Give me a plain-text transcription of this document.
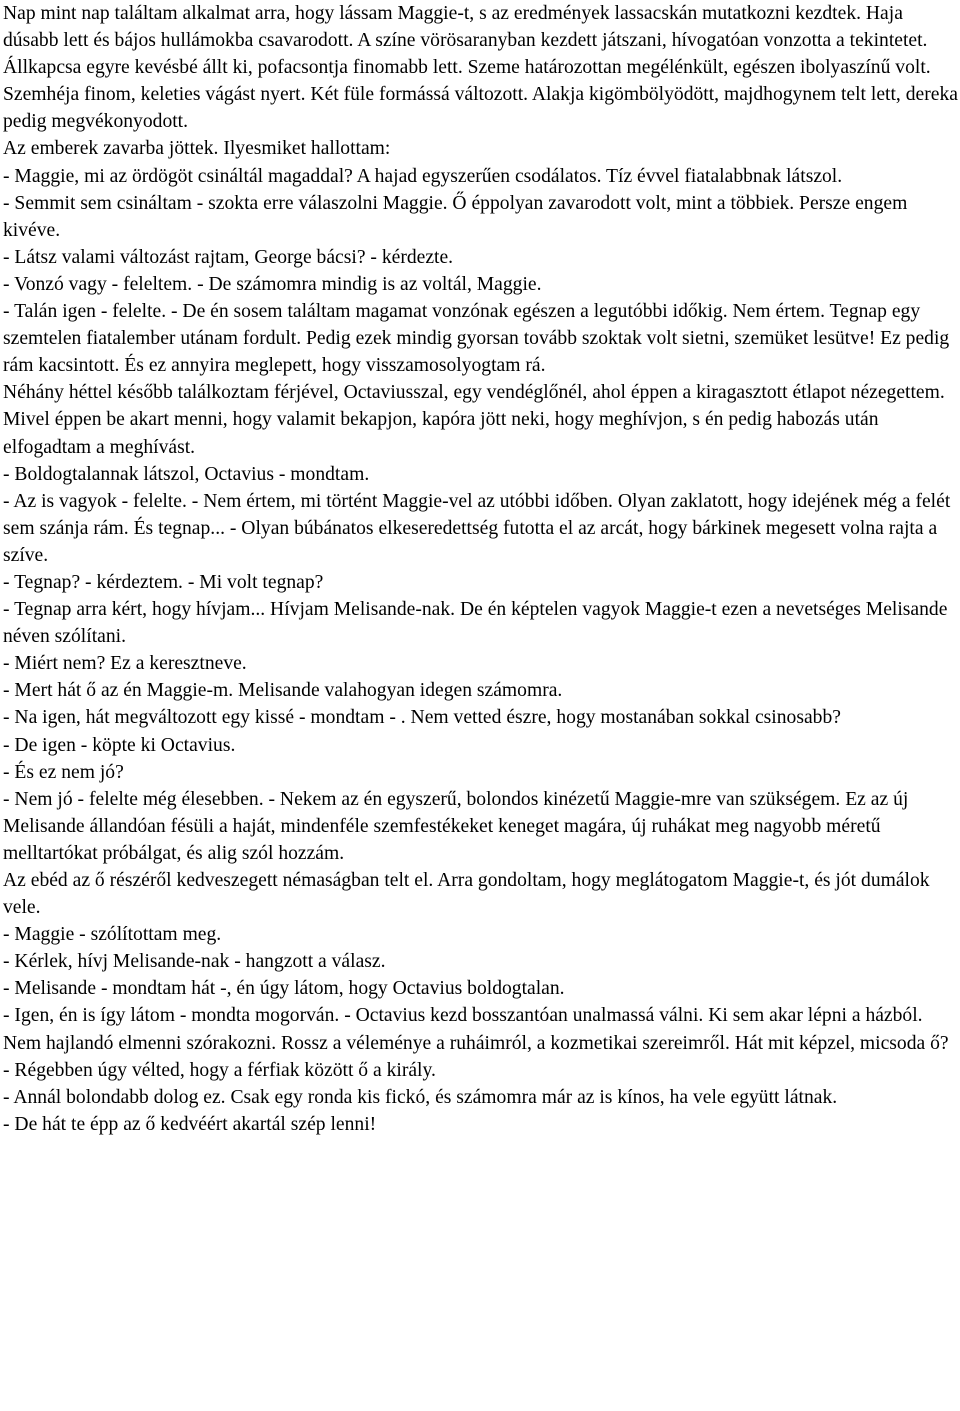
Nap mint nap találtam alkalmat arra, hogy lássam Maggie-t, s az eredmények lassacskán mutatkozni kezdtek. Haja dúsabb lett és bájos hullámokba csavarodott. A színe vörösaranyban kezdett játszani, hívogatóan vonzotta a tekintetet.

Állkapcsa egyre kevésbé állt ki, pofacsontja finomabb lett. Szeme határozottan megélénkült, egészen ibolyaszínű volt. Szemhéja finom, keleties vágást nyert. Két füle formássá változott. Alakja kigömbölyödött, majdhogynem telt lett, dereka pedig megvékonyodott.

Az emberek zavarba jöttek. Ilyesmiket hallottam:

- Maggie, mi az ördögöt csináltál magaddal? A hajad egyszerűen csodálatos. Tíz évvel fiatalabbnak látszol.

- Semmit sem csináltam - szokta erre válaszolni Maggie. Ő éppolyan zavarodott volt, mint a többiek. Persze engem kivéve.

- Látsz valami változást rajtam, George bácsi? - kérdezte.

- Vonzó vagy - feleltem. - De számomra mindig is az voltál, Maggie.

- Talán igen - felelte. - De én sosem találtam magamat vonzónak egészen a legutóbbi időkig. Nem értem. Tegnap egy szemtelen fiatalember utánam fordult. Pedig ezek mindig gyorsan tovább szoktak volt sietni, szemüket lesütve! Ez pedig rám kacsintott. És ez annyira meglepett, hogy visszamosolyogtam rá.

Néhány héttel később találkoztam férjével, Octaviusszal, egy vendéglőnél, ahol éppen a kiragasztott étlapot nézegettem. Mivel éppen be akart menni, hogy valamit bekapjon, kapóra jött neki, hogy meghívjon, s én pedig habozás után elfogadtam a meghívást.

- Boldogtalannak látszol, Octavius - mondtam.

- Az is vagyok - felelte. - Nem értem, mi történt Maggie-vel az utóbbi időben. Olyan zaklatott, hogy idejének még a felét sem szánja rám. És tegnap... - Olyan búbánatos elkeseredettség futotta el az arcát, hogy bárkinek megesett volna rajta a szíve.

- Tegnap? - kérdeztem. - Mi volt tegnap?

- Tegnap arra kért, hogy hívjam... Hívjam Melisande-nak. De én képtelen vagyok Maggie-t ezen a nevetséges Melisande néven szólítani.

- Miért nem? Ez a keresztneve.

- Mert hát ő az én Maggie-m. Melisande valahogyan idegen számomra.

- Na igen, hát megváltozott egy kissé - mondtam - . Nem vetted észre, hogy mostanában sokkal csinosabb?

- De igen - köpte ki Octavius.

- És ez nem jó?

- Nem jó - felelte még élesebben. - Nekem az én egyszerű, bolondos kinézetű Maggie-mre van szükségem. Ez az új Melisande állandóan fésüli a haját, mindenféle szemfestékeket keneget magára, új ruhákat meg nagyobb méretű melltartókat próbálgat, és alig szól hozzám.

Az ebéd az ő részéről kedveszegett némaságban telt el. Arra gondoltam, hogy meglátogatom Maggie-t, és jót dumálok vele.

- Maggie - szólítottam meg.

- Kérlek, hívj Melisande-nak - hangzott a válasz.

- Melisande - mondtam hát -, én úgy látom, hogy Octavius boldogtalan.

- Igen, én is így látom - mondta mogorván. - Octavius kezd bosszantóan unalmassá válni. Ki sem akar lépni a házból. Nem hajlandó elmenni szórakozni. Rossz a véleménye a ruháimról, a kozmetikai szereimről. Hát mit képzel, micsoda ő?

- Régebben úgy vélted, hogy a férfiak között ő a király.

- Annál bolondabb dolog ez. Csak egy ronda kis fickó, és számomra már az is kínos, ha vele együtt látnak.

- De hát te épp az ő kedvéért akartál szép lenni!
